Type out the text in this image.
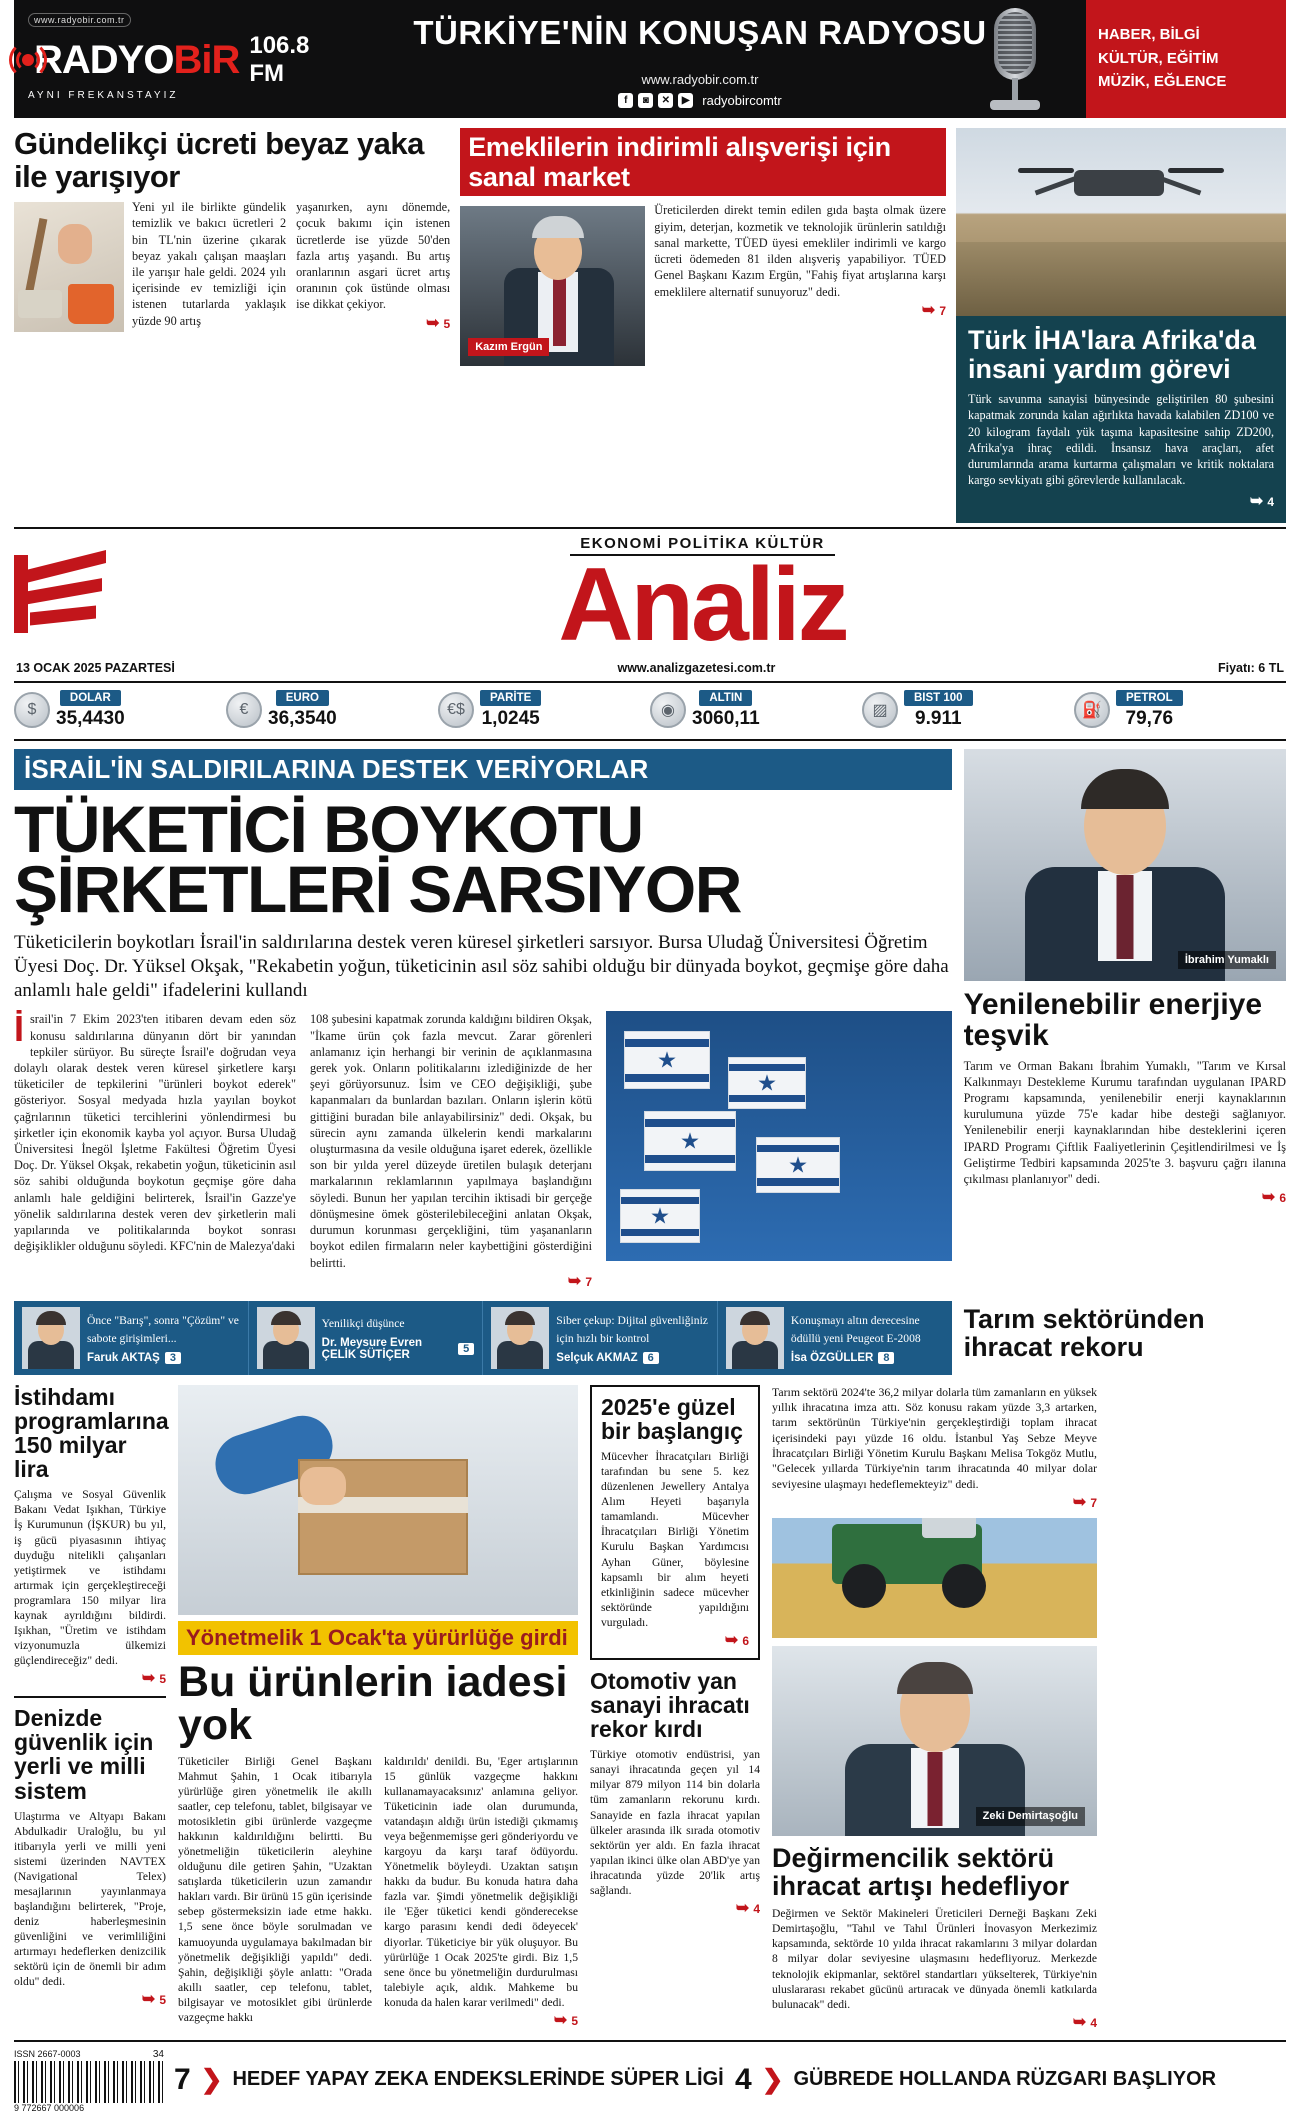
www.radyobir.com.tr
RADYOBiR 106.8 FM
AYNI FREKANSTAYIZ
TÜRKİYE'NİN KONUŞAN RADYOSU
www.radyobir.com.tr
f	◙	✕	▶ radyobircomtr
HABER, BİLGİ
KÜLTÜR, EĞİTİM
MÜZİK, EĞLENCE
Gündelikçi ücreti beyaz yaka ile yarışıyor
Yeni yıl ile birlikte gündelik temizlik ve bakıcı ücretleri 2 bin TL'nin üzerine çıkarak beyaz yakalı çalışan maaşları ile yarışır hale geldi. 2024 yılı içerisinde ev temizliği için istenen tutarlarda yaklaşık yüzde 90 artış
yaşanırken, aynı dönemde, çocuk bakımı için istenen ücretlerde ise yüzde 50'den fazla artış yaşandı. Bu artış oranlarının asgari ücret artış oranının çok üstünde olması ise dikkat çekiyor.
➥ 5
Emeklilerin indirimli alışverişi için sanal market
Kazım Ergün
Üreticilerden direkt temin edilen gıda başta olmak üzere giyim, deterjan, kozmetik ve teknolojik ürünlerin satıldığı sanal markette, TÜED üyesi emekliler indirimli ve kargo ücreti ödemeden 81 ilden alışveriş yapabiliyor. TÜED Genel Başkanı Kazım Ergün, "Fahiş fiyat artışlarına karşı emeklilere alternatif sunuyoruz" dedi.
➥ 7
Türk İHA'lara Afrika'da insani yardım görevi

Türk savunma sanayisi bünyesinde geliştirilen 80 şubesini kapatmak zorunda kalan ağırlıkta havada kalabilen ZD100 ve 20 kilogram faydalı yük taşıma kapasitesine sahip ZD200, Afrika'ya ihraç edildi. İnsansız hava araçları, afet durumlarında arama kurtarma çalışmaları ve kritik noktalara kargo sevkiyatı gibi görevlerde kullanılacak.

➥ 4
EKONOMİ POLİTİKA KÜLTÜR
Analiz
13 OCAK 2025 PAZARTESİ	www.analizgazetesi.com.tr	Fiyatı: 6 TL
$
DOLAR
35,4430	€
EURO
36,3540	€$
PARİTE
1,0245	◉
ALTIN
3060,11	▨
BIST 100
9.911	⛽
PETROL
79,76
İSRAİL'İN SALDIRILARINA DESTEK VERİYORLAR
TÜKETİCİ BOYKOTU
ŞİRKETLERİ SARSIYOR
Tüketicilerin boykotları İsrail'in saldırılarına destek veren küresel şirketleri sarsıyor. Bursa Uludağ Üniversitesi Öğretim Üyesi Doç. Dr. Yüksel Okşak, "Rekabetin yoğun, tüketicinin asıl söz sahibi olduğu bir dünyada boykot, geçmişe göre daha anlamlı hale geldi" ifadelerini kullandı
İ srail'in 7 Ekim 2023'ten itibaren devam eden söz konusu saldırılarına dünyanın dört bir yanından tepkiler sürüyor. Bu süreçte İsrail'e doğrudan veya dolaylı olarak destek veren küresel şirketlere karşı tüketiciler de tepkilerini "ürünleri boykot ederek" gösteriyor. Sosyal medyada hızla yayılan boykot çağrılarının tüketici tercihlerini yönlendirmesi bu şirketler için ekonomik kayba yol açıyor. Bursa Uludağ Üniversitesi İnegöl İşletme Fakültesi Öğretim Üyesi Doç. Dr. Yüksel Okşak, rekabetin yoğun, tüketicinin asıl söz sahibi olduğunda boykotun geçmişe göre daha anlamlı hale geldiğini belirterek, İsrail'in Gazze'ye yönelik saldırılarına destek veren dev şirketlerin mali yapılarında ve politikalarında boykot sonrası değişiklikler olduğunu söyledi. KFC'nin de Malezya'daki
108 şubesini kapatmak zorunda kaldığını bildiren Okşak, "İkame ürün çok fazla mevcut. Zarar görenleri anlamanız için herhangi bir verinin de açıklanmasına gerek yok. Onların politikalarını izlediğinizde de her şeyi görüyorsunuz. İsim ve CEO değişikliği, şube kapanmaları da bunlardan bazıları. Onların işlerin kötü gittiğini buradan bile anlayabilirsiniz" dedi. Okşak, bu sürecin aynı zamanda ülkelerin kendi markalarını oluşturmasına da vesile olduğuna işaret ederek, özellikle son bir yılda yerel düzeyde üretilen bulaşık deterjanı markalarının reklamlarının yapılmaya başlandığını söyledi. Bunun her yapılan tercihin iktisadi bir gerçeğe dönüşmesine ömek gösterilebileceğini anlatan Okşak, durumun korunması gerçekliğini, tüm yaşananların boykot edilen firmaların neler kaybettiğini gösterdiğini belirtti.
➥ 7
İbrahim Yumaklı
Yenilenebilir enerjiye teşvik
Tarım ve Orman Bakanı İbrahim Yumaklı, "Tarım ve Kırsal Kalkınmayı Destekleme Kurumu tarafından uygulanan IPARD Programı kapsamında, yenilenebilir enerji kaynaklarının kurulumuna yüzde 75'e kadar hibe desteği sağlanıyor. Yenilenebilir enerji kaynaklarından hibe desteklerini içeren IPARD Programı Çiftlik Faaliyetlerinin Çeşitlendirilmesi ve İş Geliştirme Tedbiri kapsamında 2025'te 3. başvuru çağrı ilanına çıkılması planlanıyor" dedi.
➥ 6
Önce "Barış", sonra "Çözüm" ve sabote girişimleri...
Faruk AKTAŞ 3
Yenilikçi düşünce
Dr. Meysure Evren ÇELİK SÜTİÇER	5
Siber çekup: Dijital güvenliğiniz için hızlı bir kontrol
Selçuk AKMAZ 6
Konuşmayı altın derecesine ödüllü yeni Peugeot E-2008
İsa ÖZGÜLLER 8
Tarım sektöründen ihracat rekoru
İstihdamı programlarına 150 milyar lira
Çalışma ve Sosyal Güvenlik Bakanı Vedat Işıkhan, Türkiye İş Kurumunun (İŞKUR) bu yıl, iş gücü piyasasının ihtiyaç duyduğu nitelikli çalışanları yetiştirmek ve istihdamı artırmak için gerçekleştireceği programlara 150 milyar lira kaynak ayrıldığını bildirdi. Işıkhan, "Üretim ve istihdam vizyonumuzla ülkemizi güçlendireceğiz" dedi.
➥ 5
Denizde güvenlik için yerli ve milli sistem
Ulaştırma ve Altyapı Bakanı Abdulkadir Uraloğlu, bu yıl itibarıyla yerli ve milli yeni sistemi üzerinden NAVTEX (Navigational Telex) mesajlarının yayınlanmaya başlandığını belirterek, "Proje, deniz haberleşmesinin güvenliğini ve verimliliğini artırmayı hedeflerken denizcilik sektörü için de önemli bir adım oldu" dedi.
➥ 5
Yönetmelik 1 Ocak'ta yürürlüğe girdi
Bu ürünlerin iadesi yok
Tüketiciler Birliği Genel Başkanı Mahmut Şahin, 1 Ocak itibarıyla yürürlüğe giren yönetmelik ile akıllı saatler, cep telefonu, tablet, bilgisayar ve motosikletin gibi ürünlerde vazgeçme hakkının kaldırıldığını belirtti. Bu yönetmeliğin tüketicilerin aleyhine olduğunu dile getiren Şahin, "Uzaktan satışlarda tüketicilerin uzun zamandır hakları vardı. Bir ürünü 15 gün içerisinde sebep göstermeksizin iade etme hakkı. 1,5 sene önce böyle sorulmadan ve kamuoyunda uygulamaya bakılmadan bir yönetmelik değişikliği yapıldı" dedi. Şahin, değişikliği şöyle anlattı: "Orada akıllı saatler, cep telefonu, tablet, bilgisayar ve motosiklet gibi ürünlerde vazgeçme hakkı
kaldırıldı' denildi. Bu, 'Eger artışlarının 15 günlük vazgeçme hakkını kullanamayacaksınız' anlamına geliyor. Tüketicinin iade olan durumunda, vatandaşın aldığı ürün istediği çıkmamış veya beğenmemişse geri gönderiyordu ve kargoyu da karşı taraf ödüyordu. Yönetmelik böyleydi. Uzaktan satışın hakkı da budur. Bu konuda hatıra daha fazla var. Şimdi yönetmelik değişikliği ile 'Eğer tüketici kendi gönderecekse kargo parasını kendi dedi ödeyecek' diyorlar. Tüketiciye bir yük oluşuyor. Bu yürürlüğe 1 Ocak 2025'te girdi. Biz 1,5 sene önce bu yönetmeliğin durdurulması talebiyle açık, aldık. Mahkeme bu konuda da halen karar verilmedi" dedi.
➥ 5
2025'e güzel bir başlangıç
Mücevher İhracatçıları Birliği tarafından bu sene 5. kez düzenlenen Jewellery Antalya Alım Heyeti başarıyla tamamlandı. Mücevher İhracatçıları Birliği Yönetim Kurulu Başkan Yardımcısı Ayhan Güner, böylesine kapsamlı bir alım heyeti etkinliğinin sadece mücevher sektöründe yapıldığını vurguladı.
➥ 6
Otomotiv yan sanayi ihracatı rekor kırdı
Türkiye otomotiv endüstrisi, yan sanayi ihracatında geçen yıl 14 milyar 879 milyon 114 bin dolarla tüm zamanların rekorunu kırdı. Sanayide en fazla ihracat yapılan ülkeler arasında ilk sırada otomotiv sektörün yer aldı. En fazla ihracat yapılan ikinci ülke olan ABD'ye yan ihracatında yüzde 20'lik artış sağlandı.
➥ 4
Tarım sektörü 2024'te 36,2 milyar dolarla tüm zamanların en yüksek yıllık ihracatına imza attı. Söz konusu rakam yüzde 3,3 artarken, tarım sektörünün Türkiye'nin gerçekleştirdiği toplam ihracat içerisindeki payı yüzde 16 oldu. İstanbul Yaş Sebze Meyve İhracatçıları Birliği Yönetim Kurulu Başkanı Melisa Tokgöz Mutlu, "Gelecek yıllarda Türkiye'nin tarım ihracatında 40 milyar dolar seviyesine ulaşmayı hedeflemekteyiz" dedi.
➥ 7
Zeki Demirtaşoğlu
Değirmencilik sektörü ihracat artışı hedefliyor
Değirmen ve Sektör Makineleri Üreticileri Derneği Başkanı Zeki Demirtaşoğlu, "Tahıl ve Tahıl Ürünleri İnovasyon Merkezimiz kapsamında, sektörde 10 yılda ihracat rakamlarını 3 milyar dolardan 8 milyar dolar seviyesine ulaşmasını hedefliyoruz. Merkezde teknolojik ekipmanlar, sektörel standartları yükselterek, Türkiye'nin uluslararası rekabet gücünü artıracak ve dünyada önemli katkılarda bulunacak" dedi.
➥ 4
ISSN 2667-0003
9 772667 000006
34
7 ❯ HEDEF YAPAY ZEKA ENDEKSLERİNDE SÜPER LİGİ 4 ❯ GÜBREDE HOLLANDA RÜZGARI BAŞLIYOR
